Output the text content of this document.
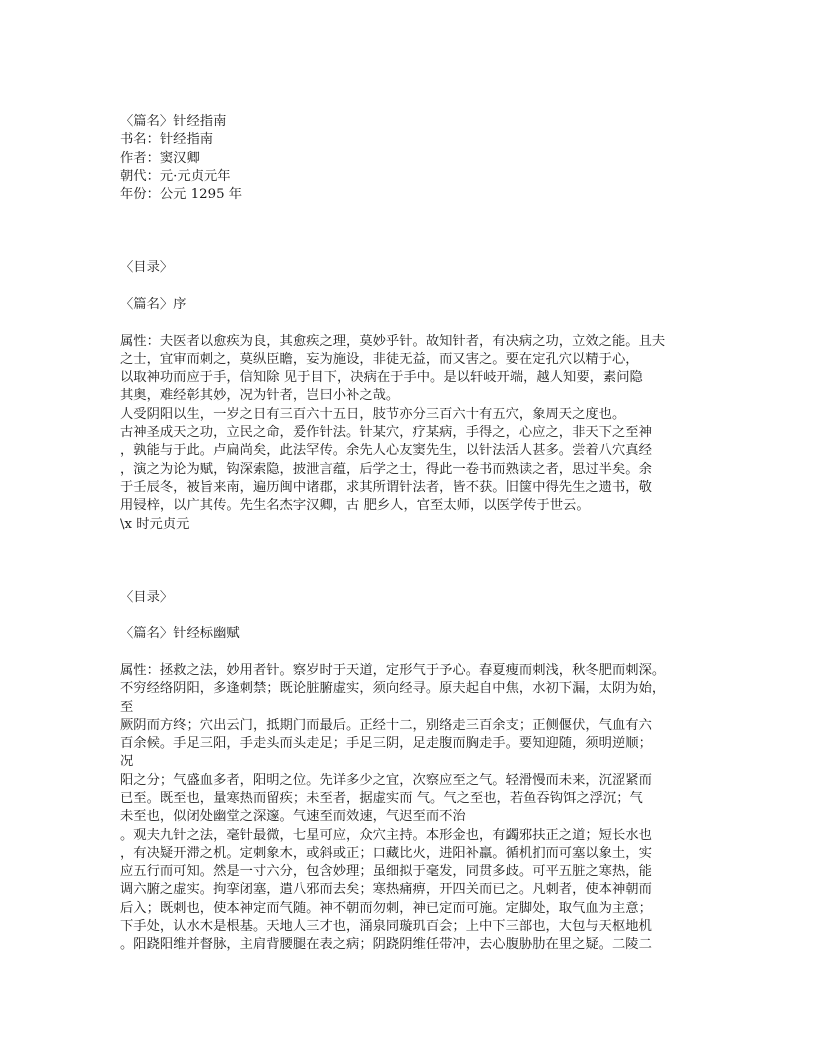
〈篇名〉针经指南
书名：针经指南
作者：窦汉卿
朝代：元·元贞元年
年份：公元 1295 年
〈目录〉
〈篇名〉序
属性：夫医者以愈疾为良，其愈疾之理，莫妙乎针。故知针者，有决病之功，立效之能。且夫
之士，宜审而刺之，莫纵臣瞻，妄为施设，非徒无益，而又害之。要在定孔穴以精于心，
以取神功而应于手，信知除 见于目下，决病在于手中。是以轩岐开端，越人知要，素问隐
其奥，难经彰其妙，况为针者，岂曰小补之哉。
人受阴阳以生，一岁之日有三百六十五日，肢节亦分三百六十有五穴，象周天之度也。
古神圣成天之功，立民之命，爰作针法。针某穴，疗某病，手得之，心应之，非天下之至神
，孰能与于此。卢扁尚矣，此法罕传。余先人心友窦先生，以针法活人甚多。尝着八穴真经
，演之为论为赋，钩深索隐，披泄言蕴，后学之士，得此一卷书而熟读之者，思过半矣。余
于壬辰冬，被旨来南，遍历闽中诸郡，求其所谓针法者，皆不获。旧箧中得先生之遗书，敬
用锓梓，以广其传。先生名杰字汉卿，古 肥乡人，官至太师，以医学传于世云。
\x 时元贞元
〈目录〉
〈篇名〉针经标幽赋
属性：拯救之法，妙用者针。察岁时于天道，定形气于予心。春夏瘦而刺浅，秋冬肥而刺深。
不穷经络阴阳，多逢刺禁；既论脏腑虚实，须向经寻。原夫起自中焦，水初下漏，太阴为始，
至
厥阴而方终；穴出云门，抵期门而最后。正经十二，别络走三百余支；正侧偃伏，气血有六
百余候。手足三阳，手走头而头走足；手足三阴，足走腹而胸走手。要知迎随，须明逆顺；
况
阳之分；气盛血多者，阳明之位。先详多少之宜，次察应至之气。轻滑慢而未来，沉涩紧而
已至。既至也，量寒热而留疾；未至者，据虚实而 气。气之至也，若鱼吞钩饵之浮沉；气
未至也，似闭处幽堂之深邃。气速至而效速，气迟至而不治
。观夫九针之法，毫针最微，七星可应，众穴主持。本形金也，有蠲邪扶正之道；短长水也
，有决疑开滞之机。定刺象木，或斜或正；口藏比火，进阳补羸。循机扪而可塞以象土，实
应五行而可知。然是一寸六分，包含妙理；虽细拟于毫发，同贯多歧。可平五脏之寒热，能
调六腑之虚实。拘挛闭塞，遣八邪而去矣；寒热痛痹，开四关而已之。凡刺者，使本神朝而
后入；既刺也，使本神定而气随。神不朝而勿刺，神已定而可施。定脚处，取气血为主意；
下手处，认水木是根基。天地人三才也，涌泉同璇玑百会；上中下三部也，大包与天枢地机
。阳跷阳维并督脉，主肩背腰腿在表之病；阴跷阴维任带冲，去心腹胁肋在里之疑。二陵二
